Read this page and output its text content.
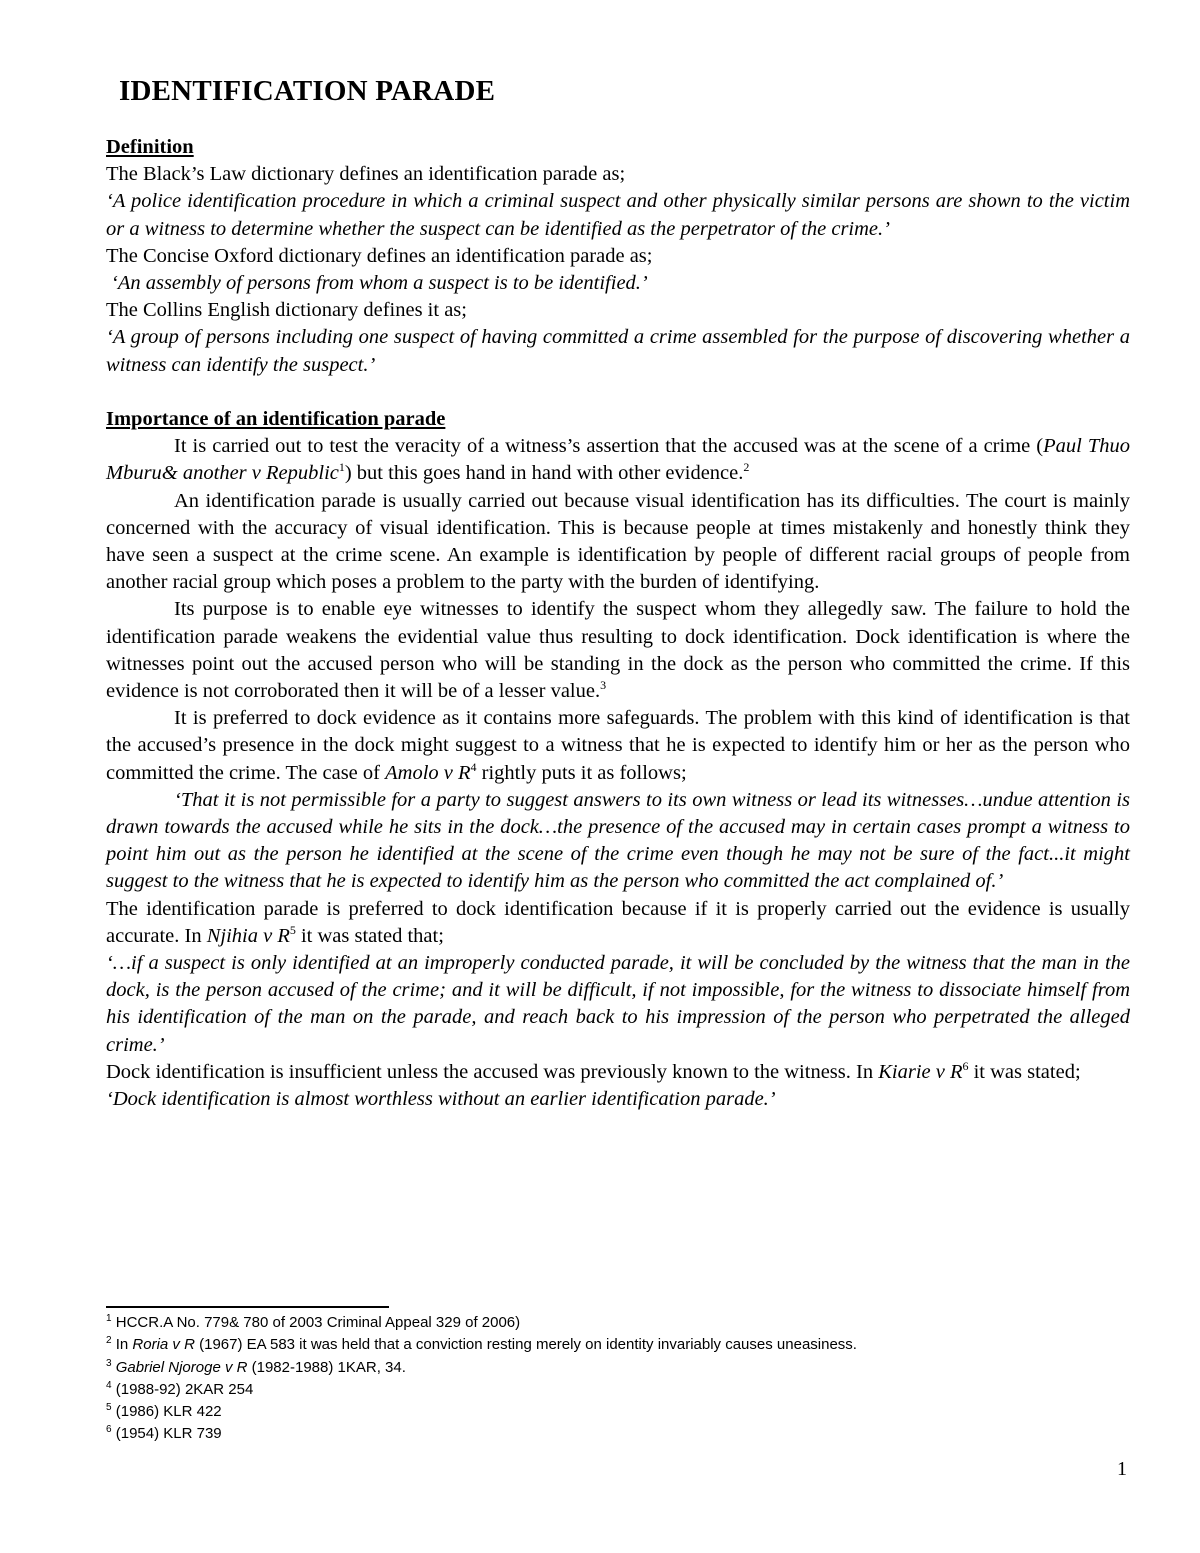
IDENTIFICATION PARADE
Definition

The Black’s Law dictionary defines an identification parade as;

‘A police identification procedure in which a criminal suspect and other physically similar persons are shown to the victim or a witness to determine whether the suspect can be identified as the perpetrator of the crime.’

The Concise Oxford dictionary defines an identification parade as;

‘An assembly of persons from whom a suspect is to be identified.’

The Collins English dictionary defines it as;

‘A group of persons including one suspect of having committed a crime assembled for the purpose of discovering whether a witness can identify the suspect.’

Importance of an identification parade

It is carried out to test the veracity of a witness’s assertion that the accused was at the scene of a crime (Paul Thuo Mburu& another v Republic$^1$) but this goes hand in hand with other evidence.$^2$

An identification parade is usually carried out because visual identification has its difficulties. The court is mainly concerned with the accuracy of visual identification. This is because people at times mistakenly and honestly think they have seen a suspect at the crime scene. An example is identification by people of different racial groups of people from another racial group which poses a problem to the party with the burden of identifying.

Its purpose is to enable eye witnesses to identify the suspect whom they allegedly saw. The failure to hold the identification parade weakens the evidential value thus resulting to dock identification. Dock identification is where the witnesses point out the accused person who will be standing in the dock as the person who committed the crime. If this evidence is not corroborated then it will be of a lesser value.$^3$

It is preferred to dock evidence as it contains more safeguards. The problem with this kind of identification is that the accused’s presence in the dock might suggest to a witness that he is expected to identify him or her as the person who committed the crime. The case of Amolo v $R^4$ rightly puts it as follows;

‘That it is not permissible for a party to suggest answers to its own witness or lead its witnesses…undue attention is drawn towards the accused while he sits in the dock…the presence of the accused may in certain cases prompt a witness to point him out as the person he identified at the scene of the crime even though he may not be sure of the fact...it might suggest to the witness that he is expected to identify him as the person who committed the act complained of.’

The identification parade is preferred to dock identification because if it is properly carried out the evidence is usually accurate. In Njihia v $R^5$ it was stated that;

‘…if a suspect is only identified at an improperly conducted parade, it will be concluded by the witness that the man in the dock, is the person accused of the crime; and it will be difficult, if not impossible, for the witness to dissociate himself from his identification of the man on the parade, and reach back to his impression of the person who perpetrated the alleged crime.’

Dock identification is insufficient unless the accused was previously known to the witness. In Kiarie v $R^6$ it was stated;

‘Dock identification is almost worthless without an earlier identification parade.’

$^1$ HCCR.A No. 779& 780 of 2003 Criminal Appeal 329 of 2006)
$^2$ In Roria v R (1967) EA 583 it was held that a conviction resting merely on identity invariably causes uneasiness.
$^3$ Gabriel Njoroge v R (1982-1988) 1KAR, 34.
$^4$ (1988-92) 2KAR 254
$^5$ (1986) KLR 422
$^6$ (1954) KLR 739
1
